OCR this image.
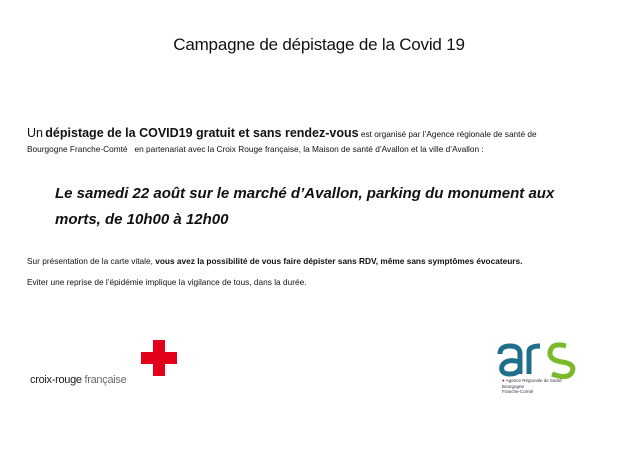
Campagne de dépistage de la Covid 19
Un dépistage de la COVID19 gratuit et sans rendez-vous est organisé par l’Agence régionale de santé de
Bourgogne Franche-Comté   en partenariat avec la Croix Rouge française, la Maison de santé d’Avallon et la ville d’Avallon :
Le samedi 22 août sur le marché d’Avallon, parking du monument aux
morts, de 10h00 à 12h00
Sur présentation de la carte vitale, vous avez la possibilité de vous faire dépister sans RDV, même sans symptômes évocateurs.
Eviter une reprise de l’épidémie implique la vigilance de tous, dans la durée.
croix-rouge française	● Agence Régionale de Santé
Bourgogne
Franche-Comté
